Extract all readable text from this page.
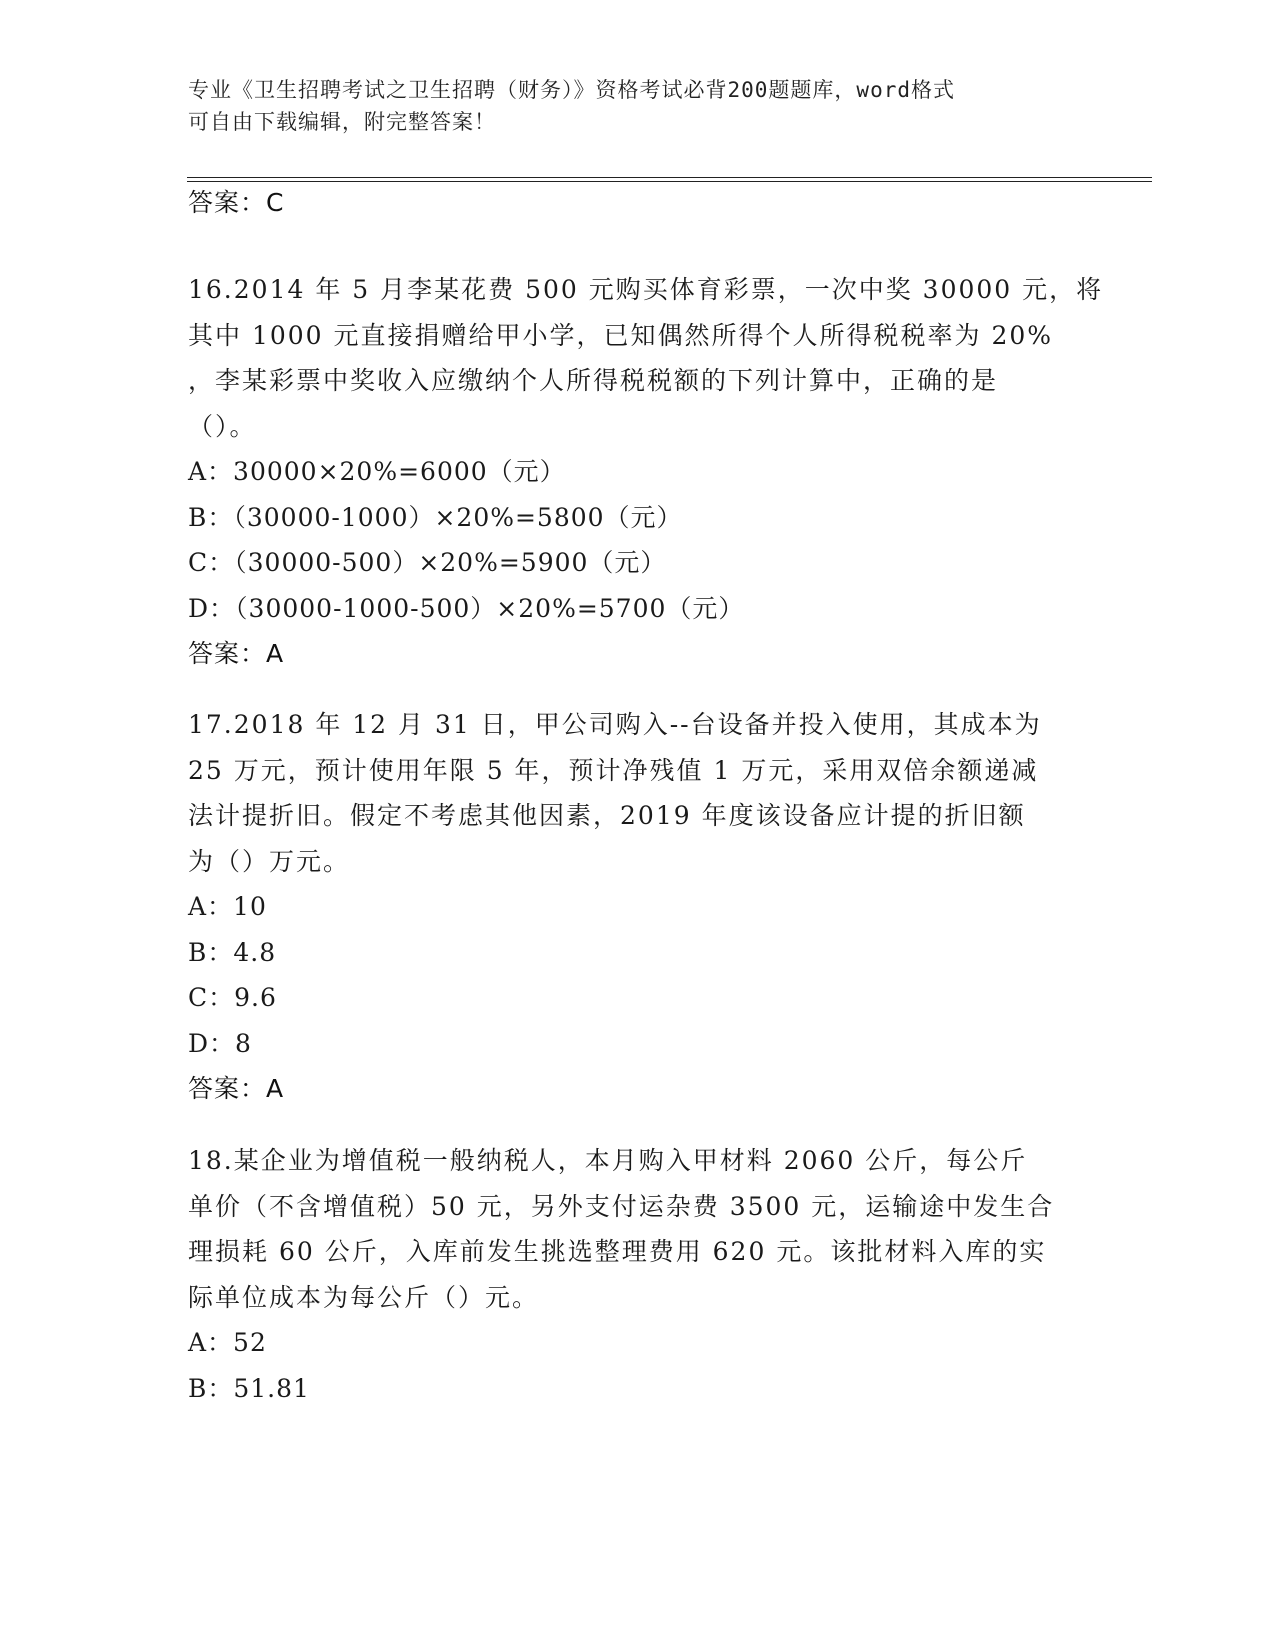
专业《卫生招聘考试之卫生招聘（财务）》资格考试必背200题题库，word格式
可自由下载编辑，附完整答案！
答案：C
16.2014 年 5 月李某花费 500 元购买体育彩票，一次中奖 30000 元，将
其中 1000 元直接捐赠给甲小学，已知偶然所得个人所得税税率为 20%
，李某彩票中奖收入应缴纳个人所得税税额的下列计算中，正确的是
（）。
A：30000×20%=6000（元）
B：（30000-1000）×20%=5800（元）
C：（30000-500）×20%=5900（元）
D：（30000-1000-500）×20%=5700（元）
答案：A
17.2018 年 12 月 31 日，甲公司购入--台设备并投入使用，其成本为
25 万元，预计使用年限 5 年，预计净残值 1 万元，采用双倍余额递减
法计提折旧。假定不考虑其他因素，2019 年度该设备应计提的折旧额
为（）万元。
A：10
B：4.8
C：9.6
D：8
答案：A
18.某企业为增值税一般纳税人，本月购入甲材料 2060 公斤，每公斤
单价（不含增值税）50 元，另外支付运杂费 3500 元，运输途中发生合
理损耗 60 公斤，入库前发生挑选整理费用 620 元。该批材料入库的实
际单位成本为每公斤（）元。
A：52
B：51.81
